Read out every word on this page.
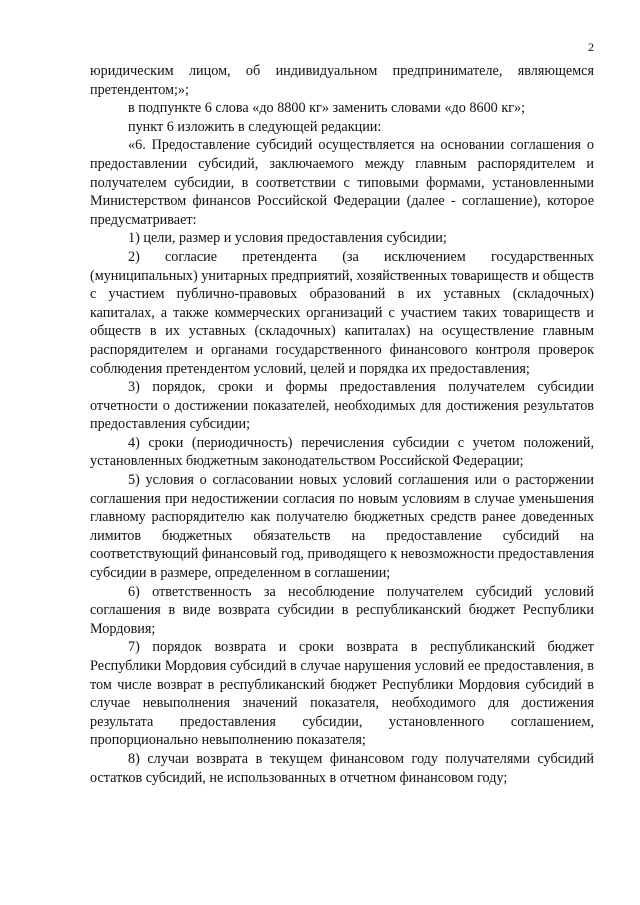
2

юридическим лицом, об индивидуальном предпринимателе, являющемся претендентом;»;

в подпункте 6 слова «до 8800 кг» заменить словами «до 8600 кг»;

пункт 6 изложить в следующей редакции:

«6. Предоставление субсидий осуществляется на основании соглашения о предоставлении субсидий, заключаемого между главным распорядителем и получателем субсидии, в соответствии с типовыми формами, установленными Министерством финансов Российской Федерации (далее - соглашение), которое предусматривает:

1) цели, размер и условия предоставления субсидии;

2) согласие претендента (за исключением государственных (муниципальных) унитарных предприятий, хозяйственных товариществ и обществ с участием публично-правовых образований в их уставных (складочных) капиталах, а также коммерческих организаций с участием таких товариществ и обществ в их уставных (складочных) капиталах) на осуществление главным распорядителем и органами государственного финансового контроля проверок соблюдения претендентом условий, целей и порядка их предоставления;

3) порядок, сроки и формы предоставления получателем субсидии отчетности о достижении показателей, необходимых для достижения результатов предоставления субсидии;

4) сроки (периодичность) перечисления субсидии с учетом положений, установленных бюджетным законодательством Российской Федерации;

5) условия о согласовании новых условий соглашения или о расторжении соглашения при недостижении согласия по новым условиям в случае уменьшения главному распорядителю как получателю бюджетных средств ранее доведенных лимитов бюджетных обязательств на предоставление субсидий на соответствующий финансовый год, приводящего к невозможности предоставления субсидии в размере, определенном в соглашении;

6) ответственность за несоблюдение получателем субсидий условий соглашения в виде возврата субсидии в республиканский бюджет Республики Мордовия;

7) порядок возврата и сроки возврата в республиканский бюджет Республики Мордовия субсидий в случае нарушения условий ее предоставления, в том числе возврат в республиканский бюджет Республики Мордовия субсидий в случае невыполнения значений показателя, необходимого для достижения результата предоставления субсидии, установленного соглашением, пропорционально невыполнению показателя;

8) случаи возврата в текущем финансовом году получателями субсидий остатков субсидий, не использованных в отчетном финансовом году;
